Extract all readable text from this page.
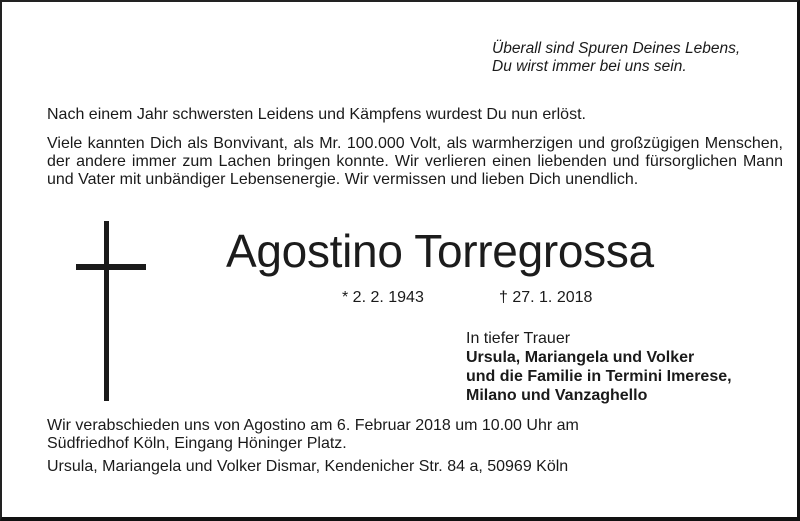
Überall sind Spuren Deines Lebens,
Du wirst immer bei uns sein.
Nach einem Jahr schwersten Leidens und Kämpfens wurdest Du nun erlöst.
Viele kannten Dich als Bonvivant, als Mr. 100.000 Volt, als warmherzigen und großzügigen Menschen, der andere immer zum Lachen bringen konnte. Wir verlieren einen liebenden und fürsorglichen Mann und Vater mit unbändiger Lebensenergie. Wir vermissen und lieben Dich unendlich.
Agostino Torregrossa
* 2. 2. 1943	† 27. 1. 2018
In tiefer Trauer
Ursula, Mariangela und Volker
und die Familie in Termini Imerese,
Milano und Vanzaghello
Wir verabschieden uns von Agostino am 6. Februar 2018 um 10.00 Uhr am
Südfriedhof Köln, Eingang Höninger Platz.
Ursula, Mariangela und Volker Dismar, Kendenicher Str. 84 a, 50969 Köln
